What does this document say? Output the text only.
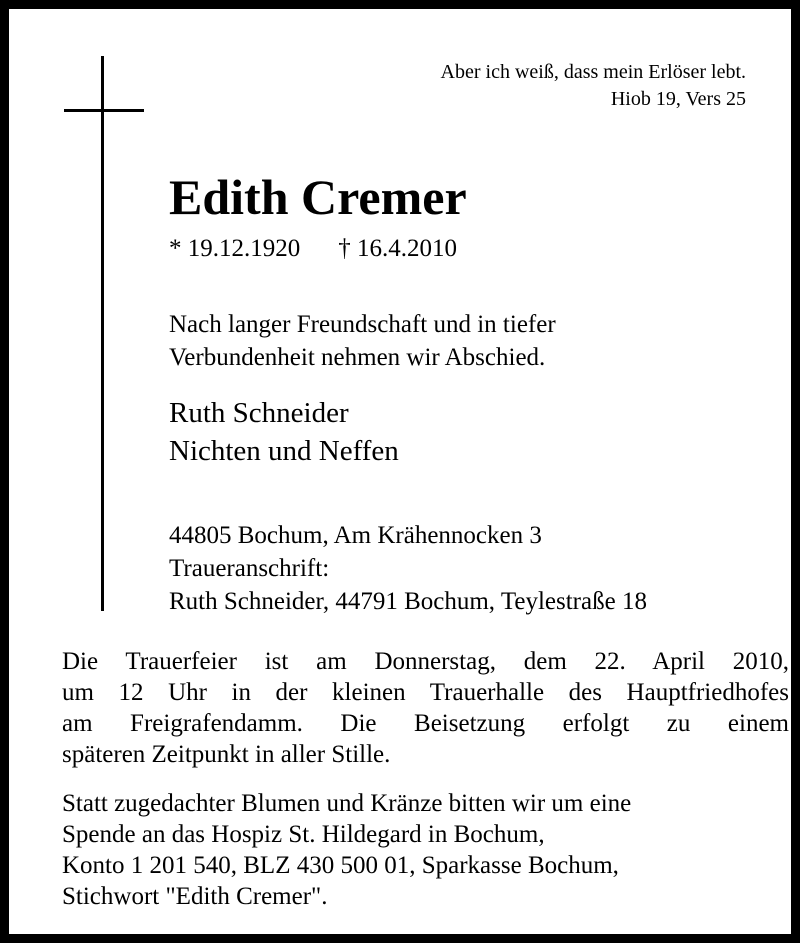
Aber ich weiß, dass mein Erlöser lebt.
Hiob 19, Vers 25
Edith Cremer
* 19.12.1920 † 16.4.2010
Nach langer Freundschaft und in tiefer
Verbundenheit nehmen wir Abschied.
Ruth Schneider
Nichten und Neffen
44805 Bochum, Am Krähennocken 3
Traueranschrift:
Ruth Schneider, 44791 Bochum, Teylestraße 18
Die Trauerfeier ist am Donnerstag, dem 22. April 2010,
um 12 Uhr in der kleinen Trauerhalle des Hauptfriedhofes
am Freigrafendamm. Die Beisetzung erfolgt zu einem
späteren Zeitpunkt in aller Stille.
Statt zugedachter Blumen und Kränze bitten wir um eine
Spende an das Hospiz St. Hildegard in Bochum,
Konto 1 201 540, BLZ 430 500 01, Sparkasse Bochum,
Stichwort "Edith Cremer".
